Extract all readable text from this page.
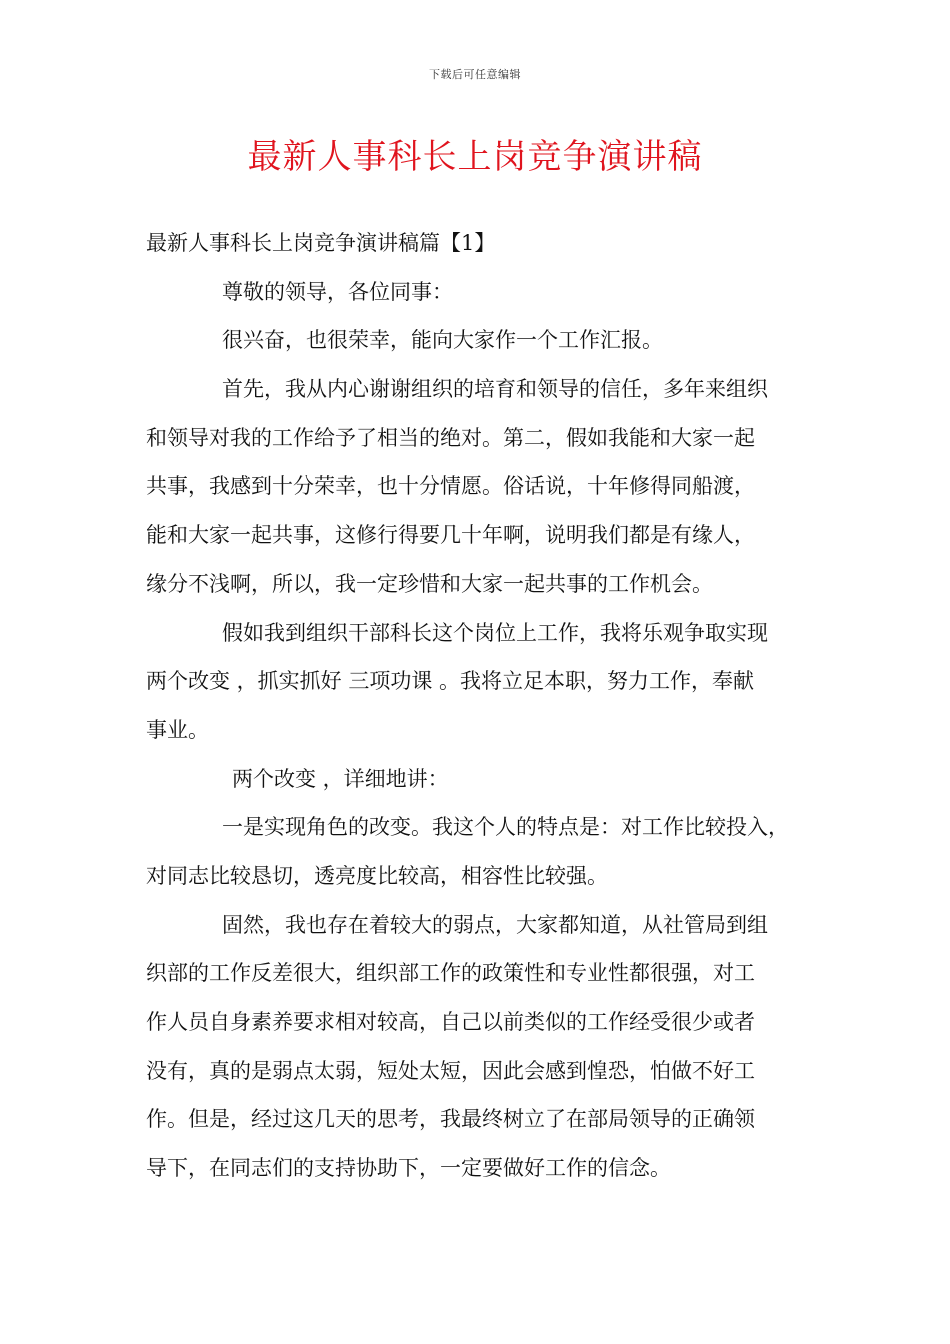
下载后可任意编辑
最新人事科长上岗竞争演讲稿
最新人事科长上岗竞争演讲稿篇【1】
尊敬的领导，各位同事：
很兴奋，也很荣幸，能向大家作一个工作汇报。
首先，我从内心谢谢组织的培育和领导的信任，多年来组织
和领导对我的工作给予了相当的绝对。第二，假如我能和大家一起
共事，我感到十分荣幸，也十分情愿。俗话说，十年修得同船渡，
能和大家一起共事，这修行得要几十年啊，说明我们都是有缘人，
缘分不浅啊，所以，我一定珍惜和大家一起共事的工作机会。
假如我到组织干部科长这个岗位上工作，我将乐观争取实现
两个改变 ，抓实抓好 三项功课 。我将立足本职，努力工作，奉献
事业。
两个改变 ，详细地讲：
一是实现角色的改变。我这个人的特点是：对工作比较投入，
对同志比较恳切，透亮度比较高，相容性比较强。
固然，我也存在着较大的弱点，大家都知道，从社管局到组
织部的工作反差很大，组织部工作的政策性和专业性都很强，对工
作人员自身素养要求相对较高，自己以前类似的工作经受很少或者
没有，真的是弱点太弱，短处太短，因此会感到惶恐，怕做不好工
作。但是，经过这几天的思考，我最终树立了在部局领导的正确领
导下，在同志们的支持协助下，一定要做好工作的信念。
